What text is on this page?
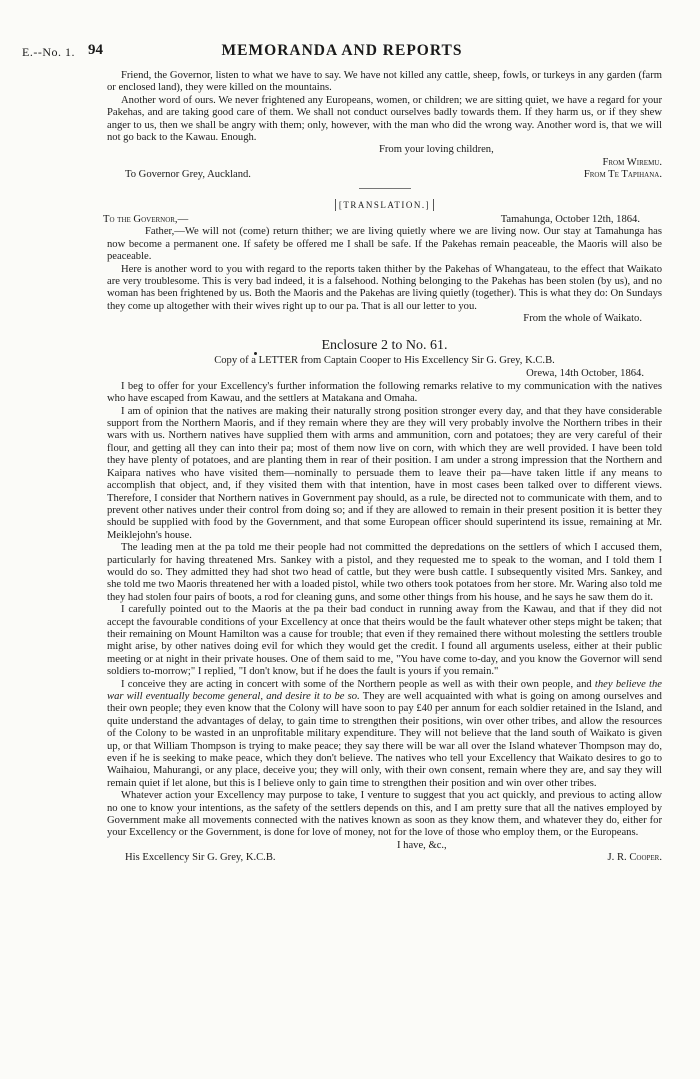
E.--No. 1. 94	MEMORANDA AND REPORTS

Friend, the Governor, listen to what we have to say. We have not killed any cattle, sheep, fowls, or turkeys in any garden (farm or enclosed land), they were killed on the mountains.

Another word of ours. We never frightened any Europeans, women, or children; we are sitting quiet, we have a regard for your Pakehas, and are taking good care of them. We shall not conduct ourselves badly towards them. If they harm us, or if they shew anger to us, then we shall be angry with them; only, however, with the man who did the wrong way. Another word is, that we will not go back to the Kawau. Enough.

From your loving children,
From Wiremu.
To Governor Grey, Auckland.	From Te Tapihana.
[TRANSLATION.]
To the Governor,—	Tamahunga, October 12th, 1864.

Father,—We will not (come) return thither; we are living quietly where we are living now. Our stay at Tamahunga has now become a permanent one. If safety be offered me I shall be safe. If the Pakehas remain peaceable, the Maoris will also be peaceable.

Here is another word to you with regard to the reports taken thither by the Pakehas of Whangateau, to the effect that Waikato are very troublesome. This is very bad indeed, it is a falsehood. Nothing belonging to the Pakehas has been stolen (by us), and no woman has been frightened by us. Both the Maoris and the Pakehas are living quietly (together). This is what they do: On Sundays they come up altogether with their wives right up to our pa. That is all our letter to you.

From the whole of Waikato.
Enclosure 2 to No. 61.
Copy of a LETTER from Captain Cooper to His Excellency Sir G. Grey, K.C.B.
Orewa, 14th October, 1864.

I beg to offer for your Excellency's further information the following remarks relative to my communication with the natives who have escaped from Kawau, and the settlers at Matakana and Omaha.

I am of opinion that the natives are making their naturally strong position stronger every day, and that they have considerable support from the Northern Maoris, and if they remain where they are they will very probably involve the Northern tribes in their wars with us. Northern natives have supplied them with arms and ammunition, corn and potatoes; they are very careful of their flour, and getting all they can into their pa; most of them now live on corn, with which they are well provided. I have been told they have plenty of potatoes, and are planting them in rear of their position. I am under a strong impression that the Northern and Kaipara natives who have visited them—nominally to persuade them to leave their pa—have taken little if any means to accomplish that object, and, if they visited them with that intention, have in most cases been talked over to different views. Therefore, I consider that Northern natives in Government pay should, as a rule, be directed not to communicate with them, and to prevent other natives under their control from doing so; and if they are allowed to remain in their present position it is better they should be supplied with food by the Government, and that some European officer should superintend its issue, remaining at Mr. Meiklejohn's house.

The leading men at the pa told me their people had not committed the depredations on the settlers of which I accused them, particularly for having threatened Mrs. Sankey with a pistol, and they requested me to speak to the woman, and I told them I would do so. They admitted they had shot two head of cattle, but they were bush cattle. I subsequently visited Mrs. Sankey, and she told me two Maoris threatened her with a loaded pistol, while two others took potatoes from her store. Mr. Waring also told me they had stolen four pairs of boots, a rod for cleaning guns, and some other things from his house, and he says he saw them do it.

I carefully pointed out to the Maoris at the pa their bad conduct in running away from the Kawau, and that if they did not accept the favourable conditions of your Excellency at once that theirs would be the fault whatever other steps might be taken; that their remaining on Mount Hamilton was a cause for trouble; that even if they remained there without molesting the settlers trouble might arise, by other natives doing evil for which they would get the credit. I found all arguments useless, either at their public meeting or at night in their private houses. One of them said to me, "You have come to-day, and you know the Governor will send soldiers to-morrow;" I replied, "I don't know, but if he does the fault is yours if you remain."

I conceive they are acting in concert with some of the Northern people as well as with their own people, and they believe the war will eventually become general, and desire it to be so. They are well acquainted with what is going on among ourselves and their own people; they even know that the Colony will have soon to pay £40 per annum for each soldier retained in the Island, and quite understand the advantages of delay, to gain time to strengthen their positions, win over other tribes, and allow the resources of the Colony to be wasted in an unprofitable military expenditure. They will not believe that the land south of Waikato is given up, or that William Thompson is trying to make peace; they say there will be war all over the Island whatever Thompson may do, even if he is seeking to make peace, which they don't believe. The natives who tell your Excellency that Waikato desires to go to Waihaiou, Mahurangi, or any place, deceive you; they will only, with their own consent, remain where they are, and say they will remain quiet if let alone, but this is I believe only to gain time to strengthen their position and win over other tribes.

Whatever action your Excellency may purpose to take, I venture to suggest that you act quickly, and previous to acting allow no one to know your intentions, as the safety of the settlers depends on this, and I am pretty sure that all the natives employed by Government make all movements connected with the natives known as soon as they know them, and whatever they do, either for your Excellency or the Government, is done for love of money, not for the love of those who employ them, or the Europeans.

I have, &c.,
His Excellency Sir G. Grey, K.C.B.	J. R. Cooper.
